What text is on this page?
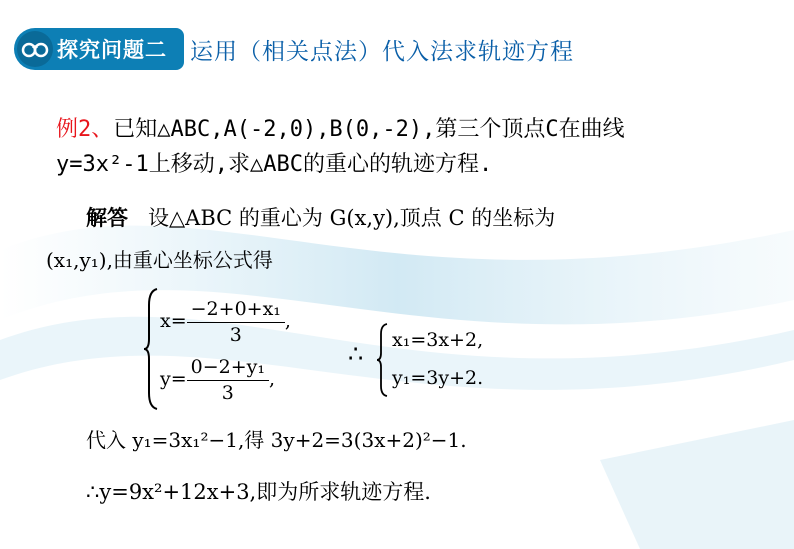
探究问题二 运用（相关点法）代入法求轨迹方程
例2、已知△ABC,A(-2,0),B(0,-2),第三个顶点C在曲线
y=3x²-1上移动,求△ABC的重心的轨迹方程.
解答 设△ABC 的重心为 G(x,y),顶点 C 的坐标为
(x₁,y₁),由重心坐标公式得
$x= \frac{\text{−2+0+x₁}}{3}$ ,
$y= \frac{\text{0−2+y₁}}{3}$ ,
∴ x₁=3x+2,
y₁=3y+2.
代入 y₁=3x₁²−1,得 3y+2=3(3x+2)²−1.
∴y=9x²+12x+3,即为所求轨迹方程.
